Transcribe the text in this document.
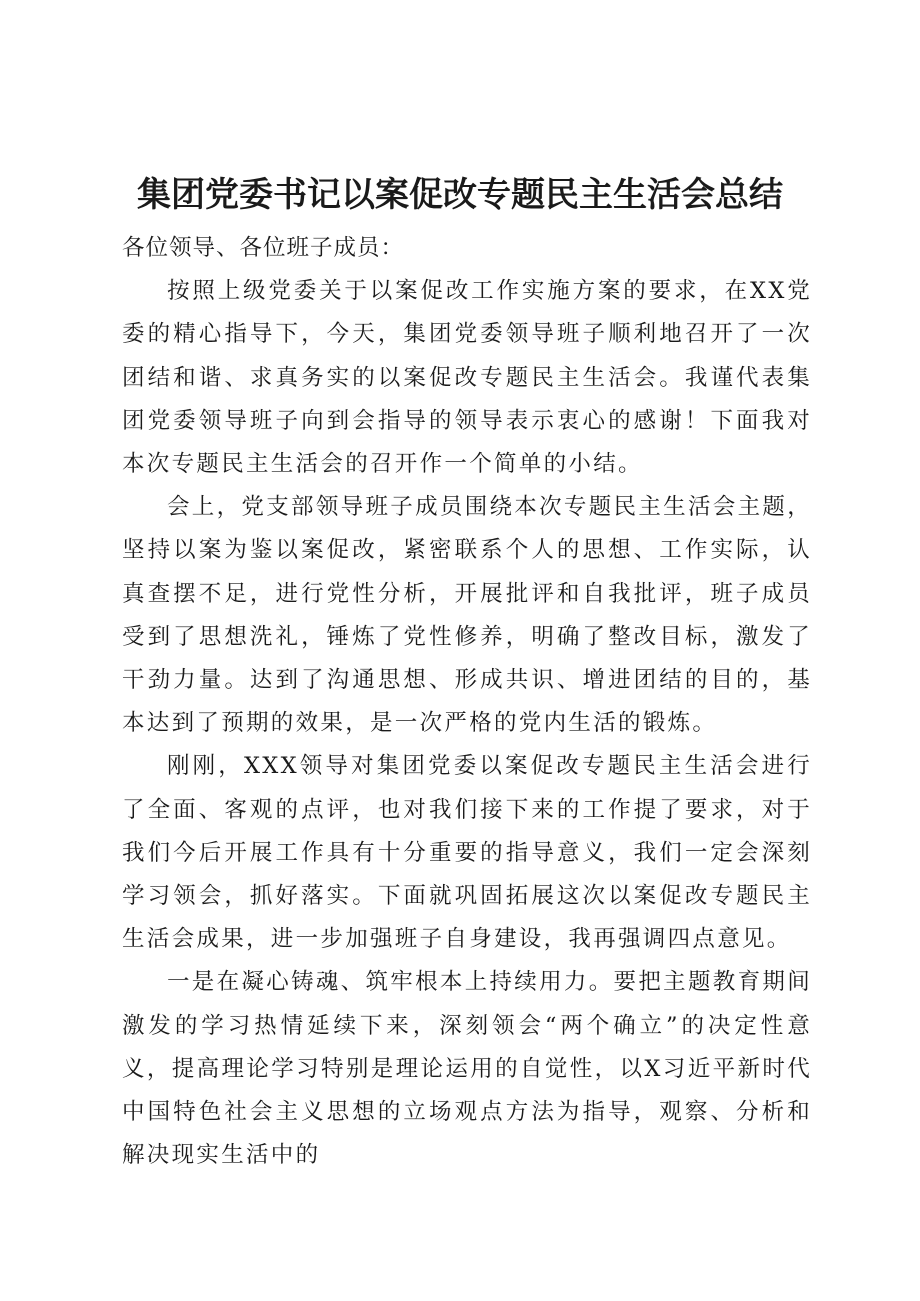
集团党委书记以案促改专题民主生活会总结

各位领导、各位班子成员：

按照上级党委关于以案促改工作实施方案的要求，在XX党委的精心指导下，今天，集团党委领导班子顺利地召开了一次团结和谐、求真务实的以案促改专题民主生活会。我谨代表集团党委领导班子向到会指导的领导表示衷心的感谢！下面我对本次专题民主生活会的召开作一个简单的小结。

会上，党支部领导班子成员围绕本次专题民主生活会主题，坚持以案为鉴以案促改，紧密联系个人的思想、工作实际，认真查摆不足，进行党性分析，开展批评和自我批评，班子成员受到了思想洗礼，锤炼了党性修养，明确了整改目标，激发了干劲力量。达到了沟通思想、形成共识、增进团结的目的，基本达到了预期的效果，是一次严格的党内生活的锻炼。

刚刚，XXX领导对集团党委以案促改专题民主生活会进行了全面、客观的点评，也对我们接下来的工作提了要求，对于我们今后开展工作具有十分重要的指导意义，我们一定会深刻学习领会，抓好落实。下面就巩固拓展这次以案促改专题民主生活会成果，进一步加强班子自身建设，我再强调四点意见。

一是在凝心铸魂、筑牢根本上持续用力。要把主题教育期间激发的学习热情延续下来，深刻领会“两个确立”的决定性意义，提高理论学习特别是理论运用的自觉性，以X习近平新时代中国特色社会主义思想的立场观点方法为指导，观察、分析和解决现实生活中的
